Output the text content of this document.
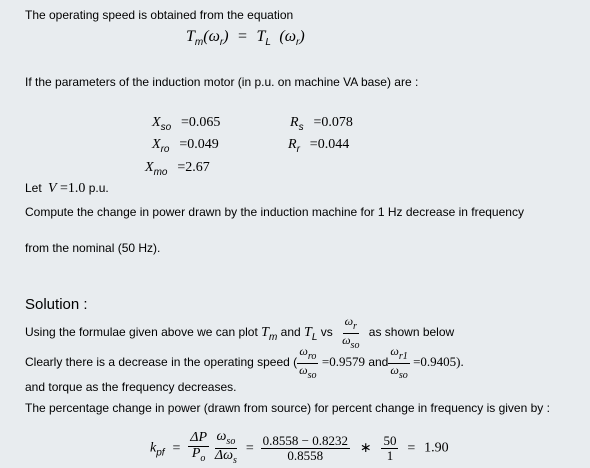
The operating speed is obtained from the equation
$T_m(\omega_r) = T_L$ $(\omega_r)$
If the parameters of the induction motor (in p.u. on machine VA base) are :
$X_{so} =0.065$
$X_{ro} =0.049$
$X_{mo} =2.67$
$R_s =0.078$
$R_r =0.044$
Let V =1.0 p.u.
Compute the change in power drawn by the induction machine for 1 Hz decrease in frequency
from the nominal (50 Hz).
Solution :
Using the formulae given above we can plot $T_m$ and $T_L$ vs $\frac{\omega_r}{\omega_{so}}$ as shown below
Clearly there is a decrease in the operating speed ( $\frac{\omega_{ro}}{\omega_{so}} =0.9579$ and $\frac{\omega_{r1}}{\omega_{so}} =0.9405$).
and torque as the frequency decreases.
The percentage change in power (drawn from source) for percent change in frequency is given by :
$k_{pf} = \frac{\Delta P}{P_o}$
$\frac{\omega_{so}}{\Delta\omega_s} = \frac{0.8558 - 0.8232}{0.8558}$ ∗ $\frac{50}{1} = 1.90$
